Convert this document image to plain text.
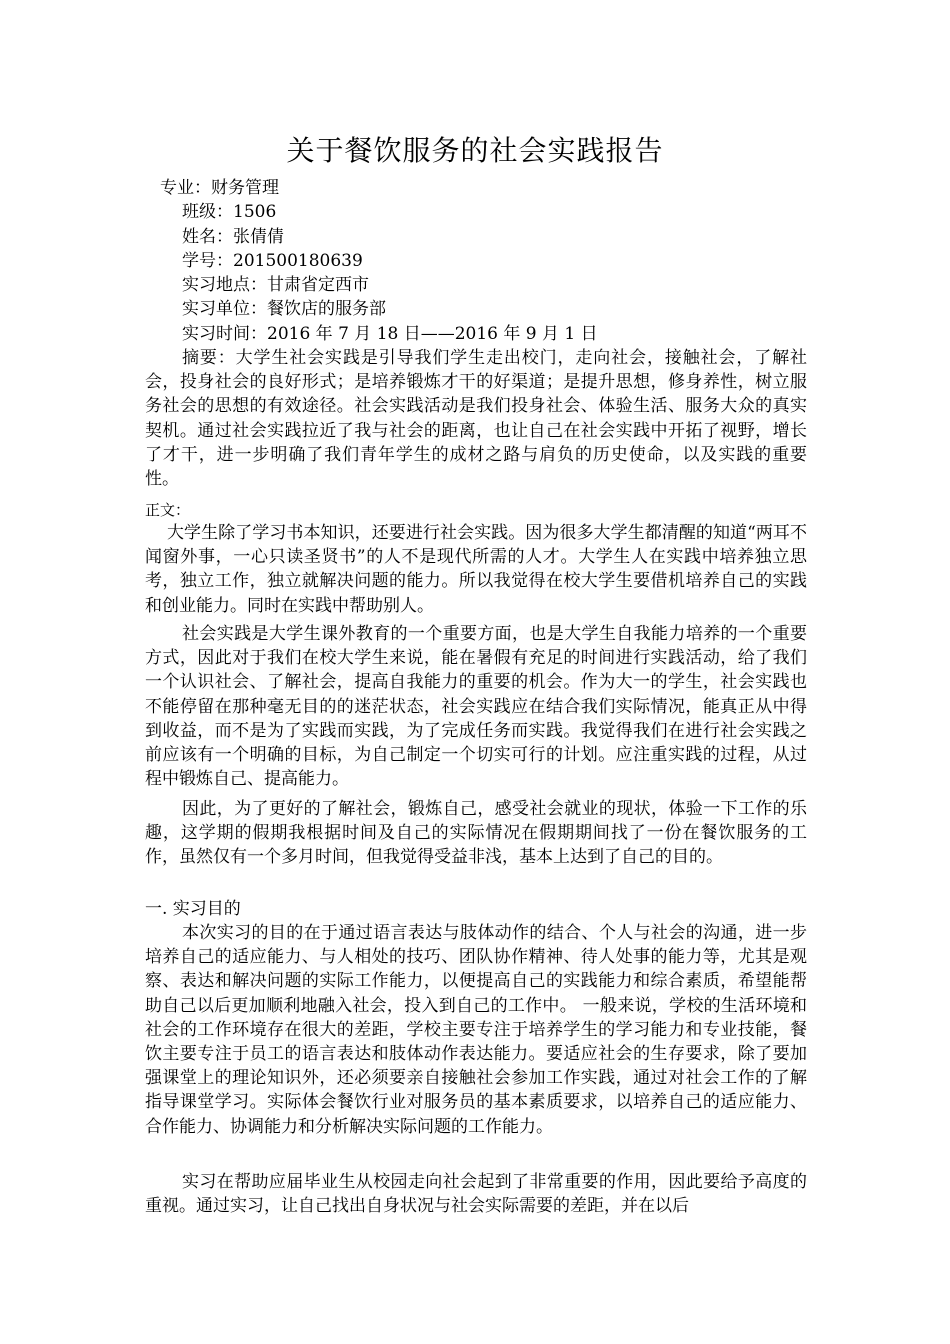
关于餐饮服务的社会实践报告
专业：财务管理
班级：1506
姓名：张倩倩
学号：201500180639
实习地点：甘肃省定西市
实习单位：餐饮店的服务部
实习时间：2016 年 7 月 18 日——2016 年 9 月 1 日

摘要：大学生社会实践是引导我们学生走出校门，走向社会，接触社会，了解社会，投身社会的良好形式；是培养锻炼才干的好渠道；是提升思想，修身养性，树立服务社会的思想的有效途径。社会实践活动是我们投身社会、体验生活、服务大众的真实契机。通过社会实践拉近了我与社会的距离，也让自己在社会实践中开拓了视野，增长了才干，进一步明确了我们青年学生的成材之路与肩负的历史使命，以及实践的重要性。

正文：

大学生除了学习书本知识，还要进行社会实践。因为很多大学生都清醒的知道“两耳不闻窗外事，一心只读圣贤书”的人不是现代所需的人才。大学生人在实践中培养独立思考，独立工作，独立就解决问题的能力。所以我觉得在校大学生要借机培养自己的实践和创业能力。同时在实践中帮助别人。

社会实践是大学生课外教育的一个重要方面，也是大学生自我能力培养的一个重要方式，因此对于我们在校大学生来说，能在暑假有充足的时间进行实践活动，给了我们一个认识社会、了解社会，提高自我能力的重要的机会。作为大一的学生，社会实践也不能停留在那种毫无目的的迷茫状态，社会实践应在结合我们实际情况，能真正从中得到收益，而不是为了实践而实践，为了完成任务而实践。我觉得我们在进行社会实践之前应该有一个明确的目标，为自己制定一个切实可行的计划。应注重实践的过程，从过程中锻炼自己、提高能力。

因此，为了更好的了解社会，锻炼自己，感受社会就业的现状，体验一下工作的乐趣，这学期的假期我根据时间及自己的实际情况在假期期间找了一份在餐饮服务的工作，虽然仅有一个多月时间，但我觉得受益非浅，基本上达到了自己的目的。

一. 实习目的

本次实习的目的在于通过语言表达与肢体动作的结合、个人与社会的沟通，进一步培养自己的适应能力、与人相处的技巧、团队协作精神、待人处事的能力等，尤其是观察、表达和解决问题的实际工作能力，以便提高自己的实践能力和综合素质，希望能帮助自己以后更加顺利地融入社会，投入到自己的工作中。 一般来说，学校的生活环境和社会的工作环境存在很大的差距，学校主要专注于培养学生的学习能力和专业技能，餐饮主要专注于员工的语言表达和肢体动作表达能力。要适应社会的生存要求，除了要加强课堂上的理论知识外，还必须要亲自接触社会参加工作实践，通过对社会工作的了解指导课堂学习。实际体会餐饮行业对服务员的基本素质要求，以培养自己的适应能力、合作能力、协调能力和分析解决实际问题的工作能力。

实习在帮助应届毕业生从校园走向社会起到了非常重要的作用，因此要给予高度的重视。通过实习，让自己找出自身状况与社会实际需要的差距，并在以后
